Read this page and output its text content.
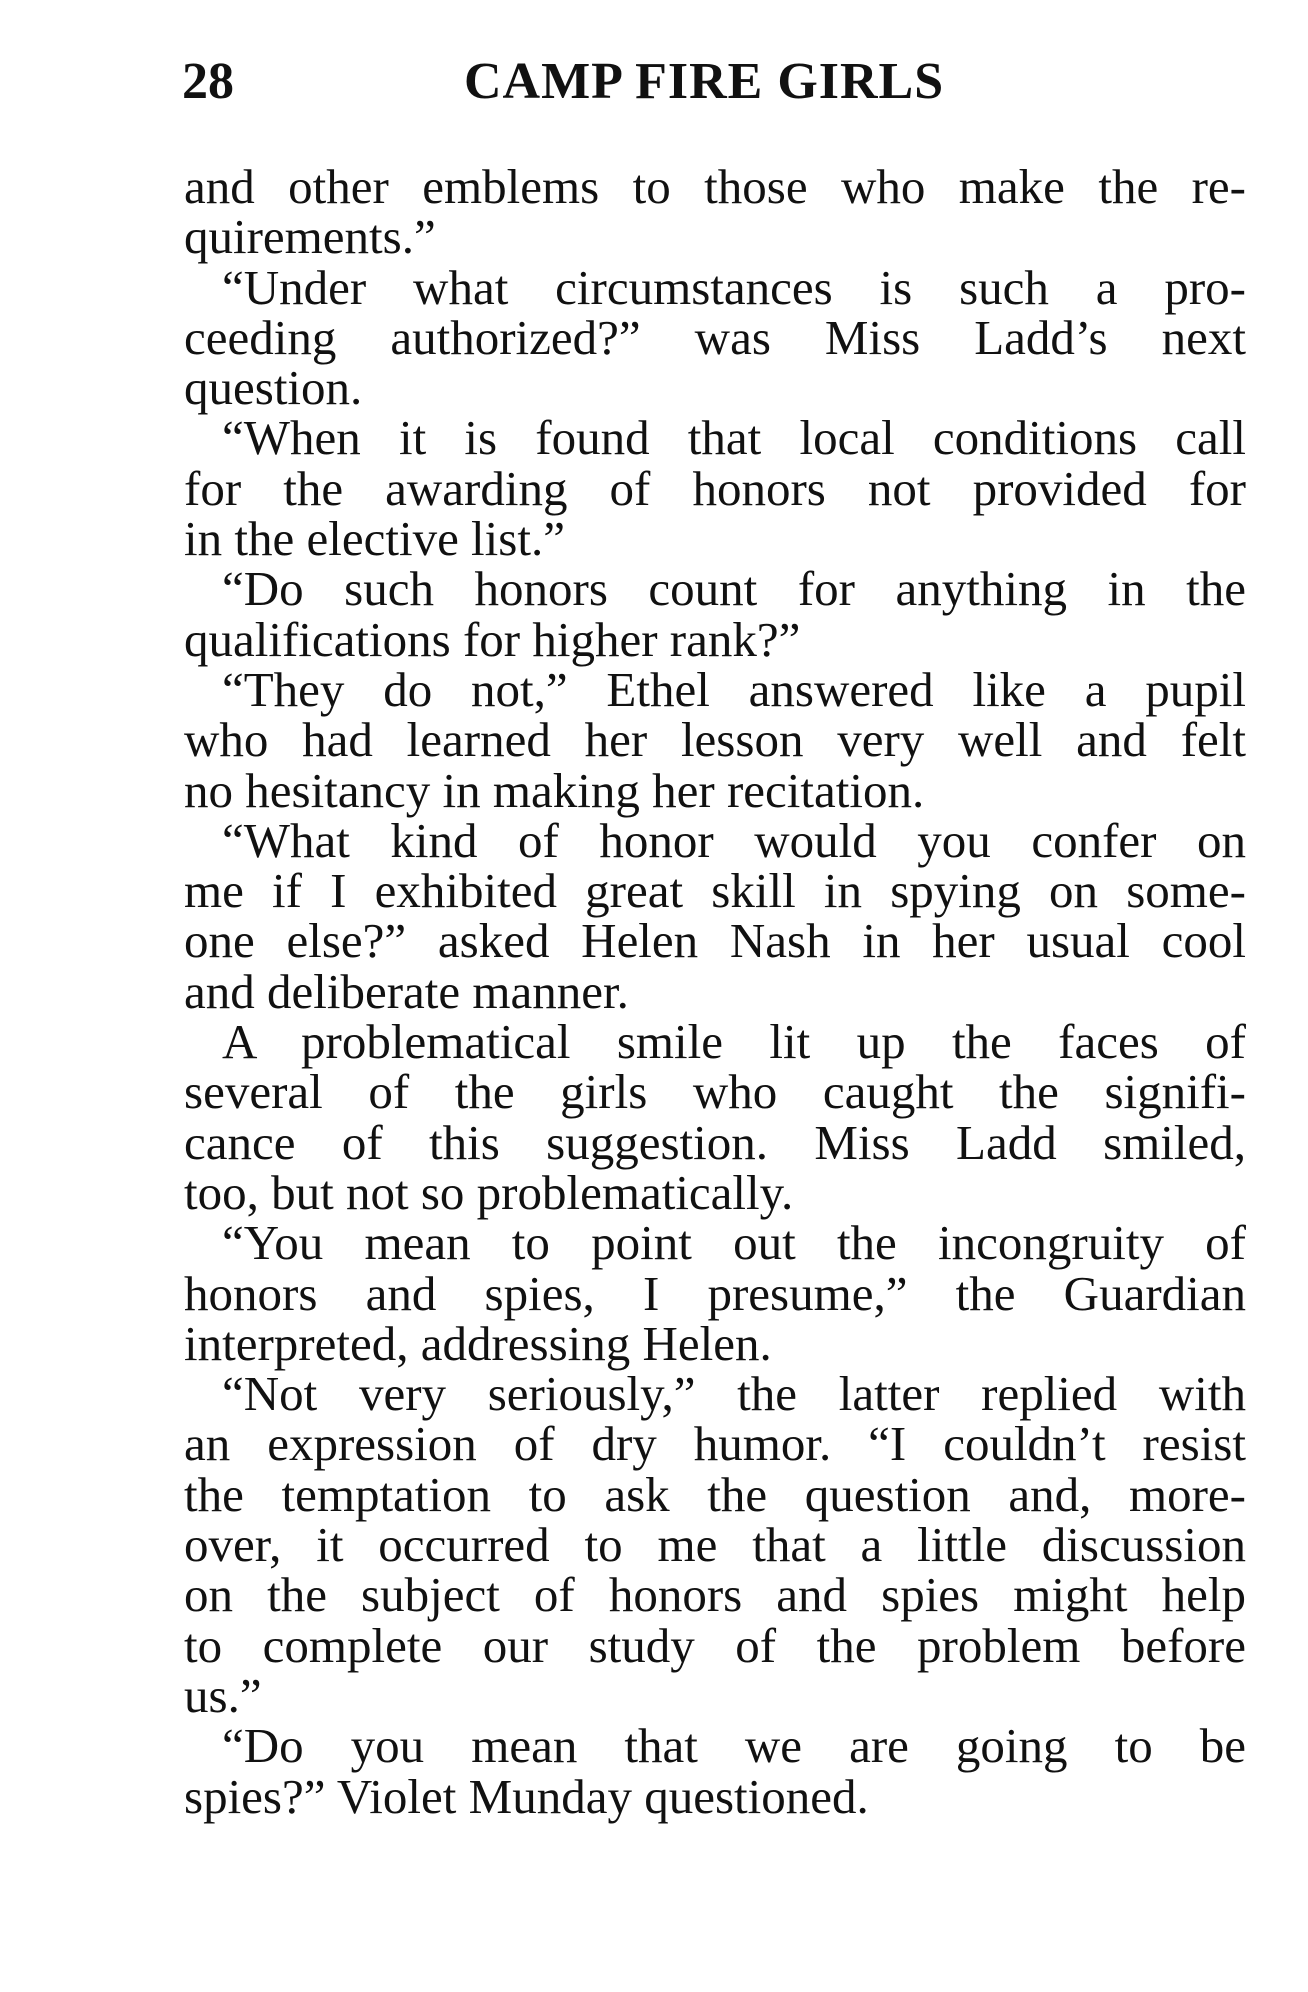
28	CAMP FIRE GIRLS

and other emblems to those who make the re-
quirements.”

“Under what circumstances is such a pro-
ceeding authorized?” was Miss Ladd’s next
question.

“When it is found that local conditions call
for the awarding of honors not provided for
in the elective list.”

“Do such honors count for anything in the
qualifications for higher rank?”

“They do not,” Ethel answered like a pupil
who had learned her lesson very well and felt
no hesitancy in making her recitation.

“What kind of honor would you confer on
me if I exhibited great skill in spying on some-
one else?” asked Helen Nash in her usual cool
and deliberate manner.

A problematical smile lit up the faces of
several of the girls who caught the signifi-
cance of this suggestion. Miss Ladd smiled,
too, but not so problematically.

“You mean to point out the incongruity of
honors and spies, I presume,” the Guardian
interpreted, addressing Helen.

“Not very seriously,” the latter replied with
an expression of dry humor. “I couldn’t resist
the temptation to ask the question and, more-
over, it occurred to me that a little discussion
on the subject of honors and spies might help
to complete our study of the problem before
us.”

“Do you mean that we are going to be
spies?” Violet Munday questioned.
